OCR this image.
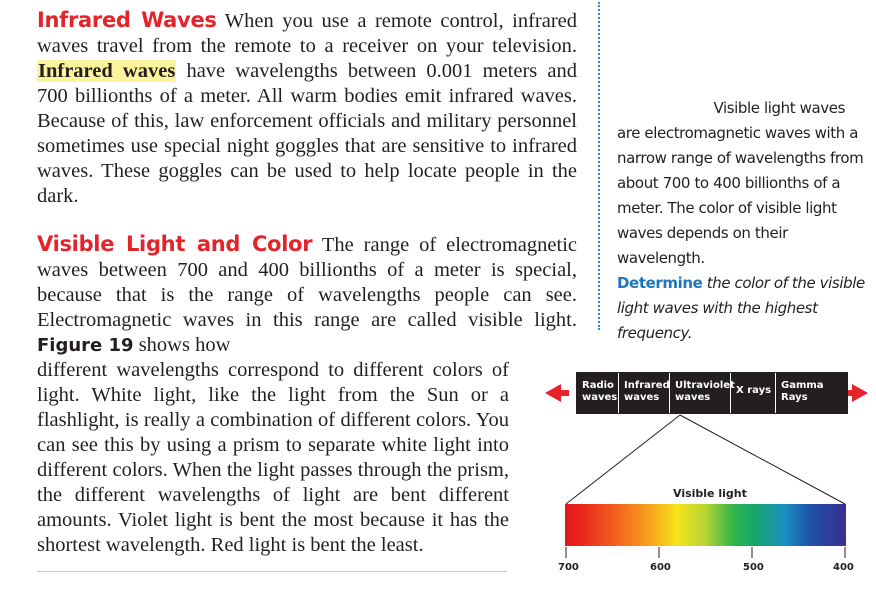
Infrared Waves When you use a remote control, infrared waves travel from the remote to a receiver on your television. Infrared waves have wavelengths between 0.001 meters and 700 billionths of a meter. All warm bodies emit infrared waves. Because of this, law enforcement officials and military personnel sometimes use special night goggles that are sensitive to infrared waves. These goggles can be used to help locate people in the dark.

Visible Light and Color The range of electromagnetic waves between 700 and 400 billionths of a meter is special, because that is the range of wavelengths people can see. Electromagnetic waves in this range are called visible light. Figure 19 shows how
different wavelengths correspond to different colors of light. White light, like the light from the Sun or a flashlight, is really a combination of different colors. You can see this by using a prism to separate white light into different colors. When the light passes through the prism, the different wavelengths of light are bent different amounts. Violet light is bent the most because it has the shortest wavelength. Red light is bent the least.

Visible light waves
are electromagnetic waves with a narrow range of wavelengths from about 700 to 400 billionths of a meter. The color of visible light waves depends on their wavelength.
Determine the color of the visible light waves with the highest frequency.
Radio waves
Infrared waves
Ultraviolet waves
X rays Gamma Rays
Visible light
700	600	500	400
